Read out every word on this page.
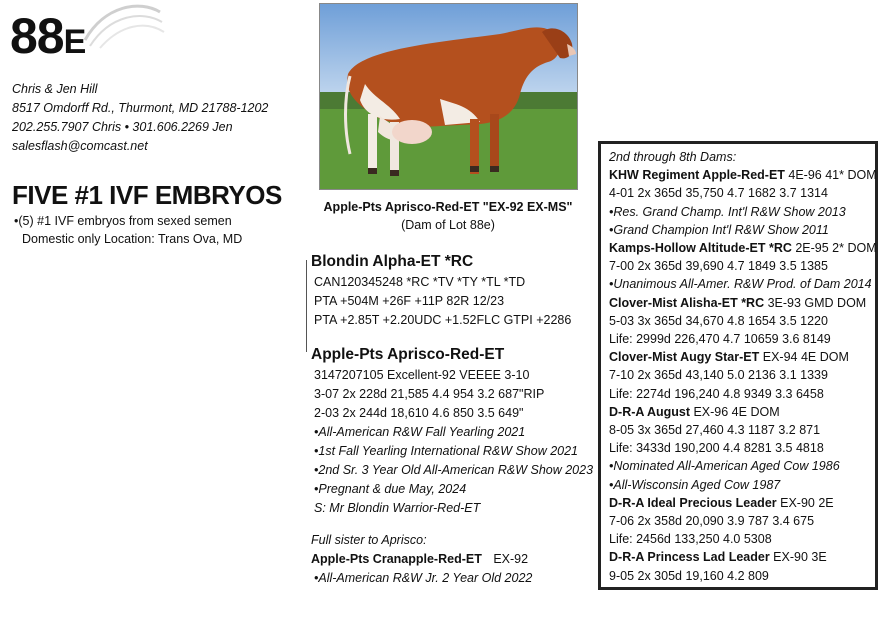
88E
Chris & Jen Hill
8517 Omdorff Rd., Thurmont, MD 21788-1202
202.255.7907 Chris • 301.606.2269 Jen
salesflash@comcast.net
FIVE #1 IVF EMBRYOS
•(5) #1 IVF embryos from sexed semen
Domestic only Location: Trans Ova, MD
Apple-Pts Aprisco-Red-ET "EX-92 EX-MS"
(Dam of Lot 88e)
Blondin Alpha-ET *RC
CAN120345248 *RC *TV *TY *TL *TD
PTA +504M +26F +11P 82R 12/23
PTA +2.85T +2.20UDC +1.52FLC GTPI +2286
Apple-Pts Aprisco-Red-ET
3147207105 Excellent-92 VEEEE 3-10
3-07 2x 228d 21,585 4.4 954 3.2 687"RIP
2-03 2x 244d 18,610 4.6 850 3.5 649"
•All-American R&W Fall Yearling 2021
•1st Fall Yearling International R&W Show 2021
•2nd Sr. 3 Year Old All-American R&W Show 2023
•Pregnant & due May, 2024
S: Mr Blondin Warrior-Red-ET
Full sister to Aprisco:
Apple-Pts Cranapple-Red-ET EX-92
•All-American R&W Jr. 2 Year Old 2022
2nd through 8th Dams:
KHW Regiment Apple-Red-ET 4E-96 41* DOM
4-01 2x 365d 35,750 4.7 1682 3.7 1314
•Res. Grand Champ. Int'l R&W Show 2013
•Grand Champion Int'l R&W Show 2011
Kamps-Hollow Altitude-ET *RC 2E-95 2* DOM
7-00 2x 365d 39,690 4.7 1849 3.5 1385
•Unanimous All-Amer. R&W Prod. of Dam 2014
Clover-Mist Alisha-ET *RC 3E-93 GMD DOM
5-03 3x 365d 34,670 4.8 1654 3.5 1220
Life: 2999d 226,470 4.7 10659 3.6 8149
Clover-Mist Augy Star-ET EX-94 4E DOM
7-10 2x 365d 43,140 5.0 2136 3.1 1339
Life: 2274d 196,240 4.8 9349 3.3 6458
D-R-A August EX-96 4E DOM
8-05 3x 365d 27,460 4.3 1187 3.2 871
Life: 3433d 190,200 4.4 8281 3.5 4818
•Nominated All-American Aged Cow 1986
•All-Wisconsin Aged Cow 1987
D-R-A Ideal Precious Leader EX-90 2E
7-06 2x 358d 20,090 3.9 787 3.4 675
Life: 2456d 133,250 4.0 5308
D-R-A Princess Lad Leader EX-90 3E
9-05 2x 305d 19,160 4.2 809
